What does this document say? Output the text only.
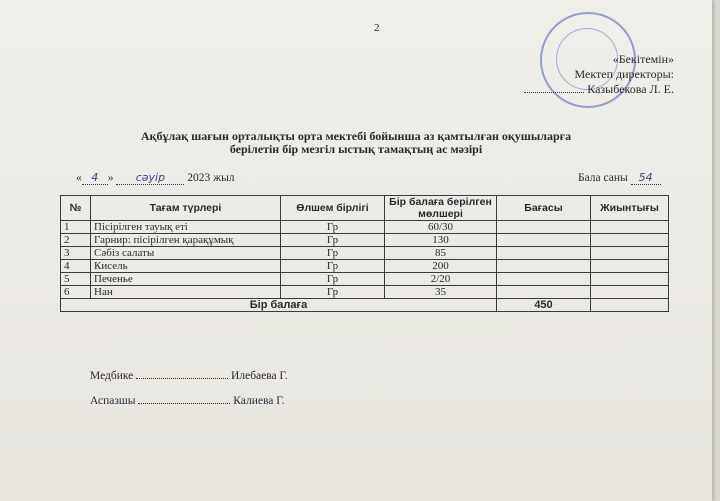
2
«Бекітемін»
Мектеп директоры:
Казыбекова Л. Е.
Ақбұлақ шағын орталықты орта мектебі бойынша аз қамтылған оқушыларға
берілетін бір мезгіл ыстық тамақтың ас мәзірі
« 4 » сәуір 2023 жыл	Бала саны 54
№	Тағам түрлері	Өлшем бірлігі	Бір балаға берілген мөлшері	Бағасы	Жиынтығы
1	Пісірілген тауық еті	Гр	60/30		
2	Гарнир: пісірілген қарақұмық	Гр	130		
3	Сәбіз салаты	Гр	85		
4	Кисель	Гр	200		
5	Печенье	Гр	2/20		
6	Нан	Гр	35		
Бір балаға				450	
Медбике	Илебаева Г.
Аспазшы	Калиева Г.
